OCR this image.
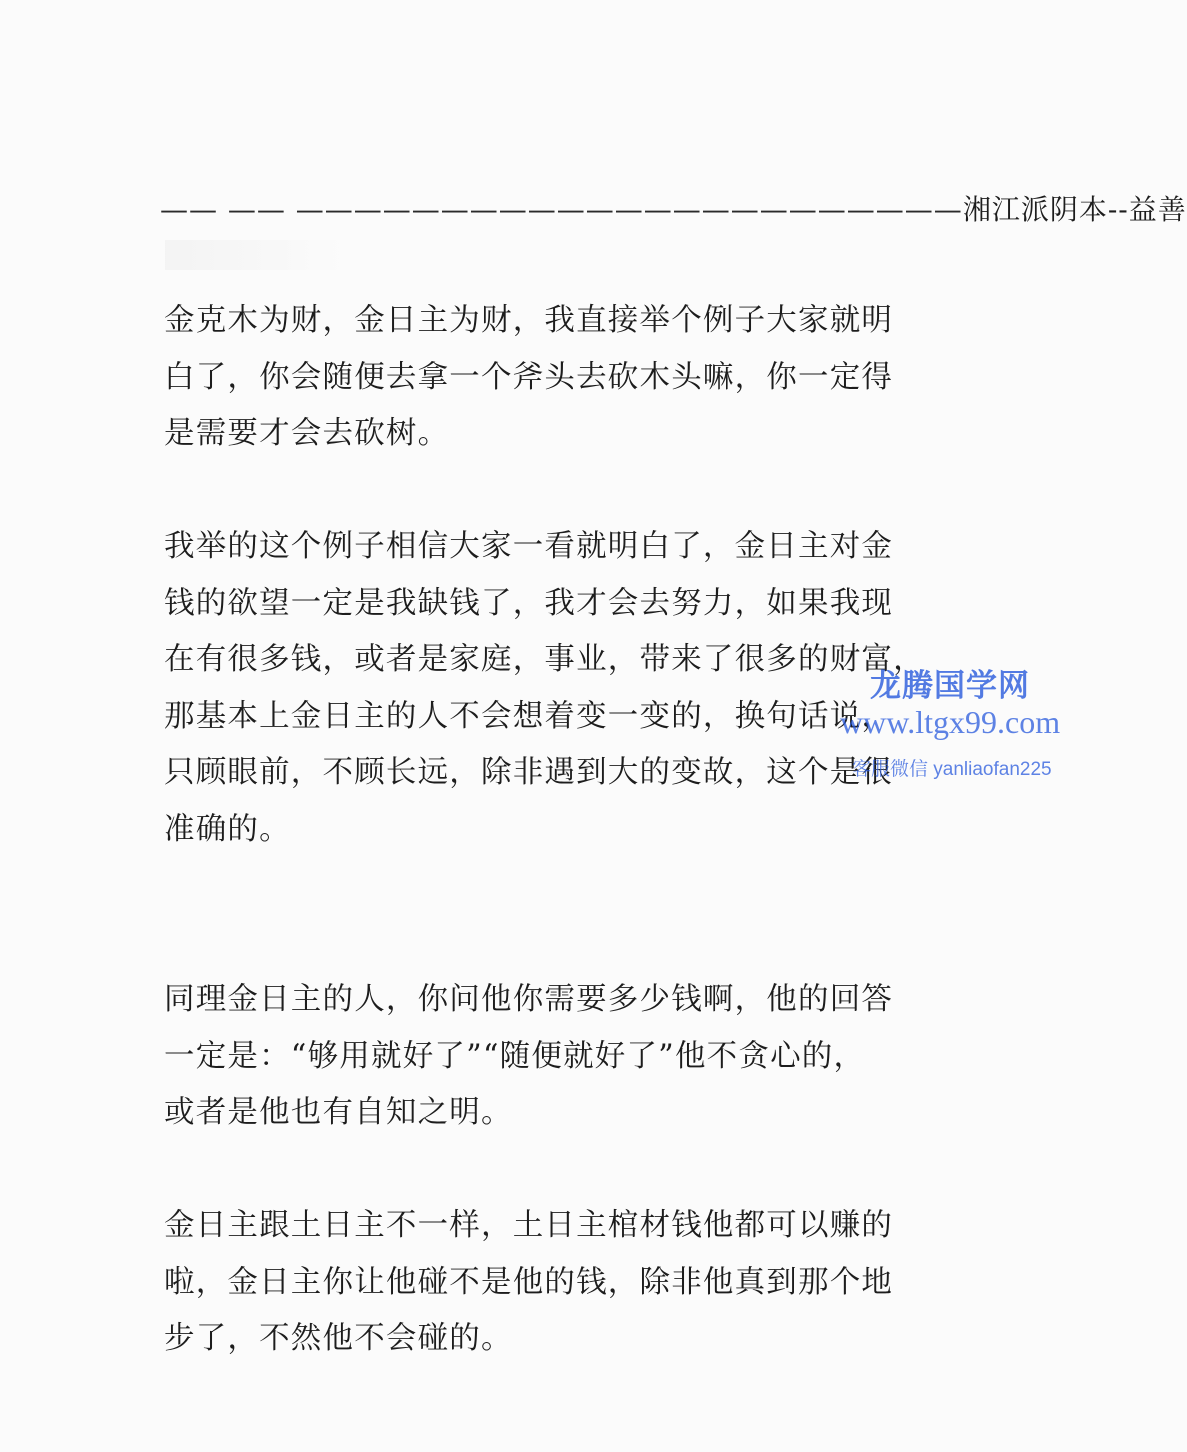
—— —— ———————————————————————湘江派阴本--益善

金克木为财，金日主为财，我直接举个例子大家就明
白了，你会随便去拿一个斧头去砍木头嘛，你一定得
是需要才会去砍树。

我举的这个例子相信大家一看就明白了，金日主对金
钱的欲望一定是我缺钱了，我才会去努力，如果我现
在有很多钱，或者是家庭，事业，带来了很多的财富，
那基本上金日主的人不会想着变一变的，换句话说，
只顾眼前，不顾长远，除非遇到大的变故，这个是很
准确的。

同理金日主的人，你问他你需要多少钱啊，他的回答
一定是：“够用就好了”“随便就好了”他不贪心的，
或者是他也有自知之明。

金日主跟土日主不一样，土日主棺材钱他都可以赚的
啦，金日主你让他碰不是他的钱，除非他真到那个地
步了，不然他不会碰的。

龙腾国学网
www.ltgx99.com
客服微信 yanliaofan225
